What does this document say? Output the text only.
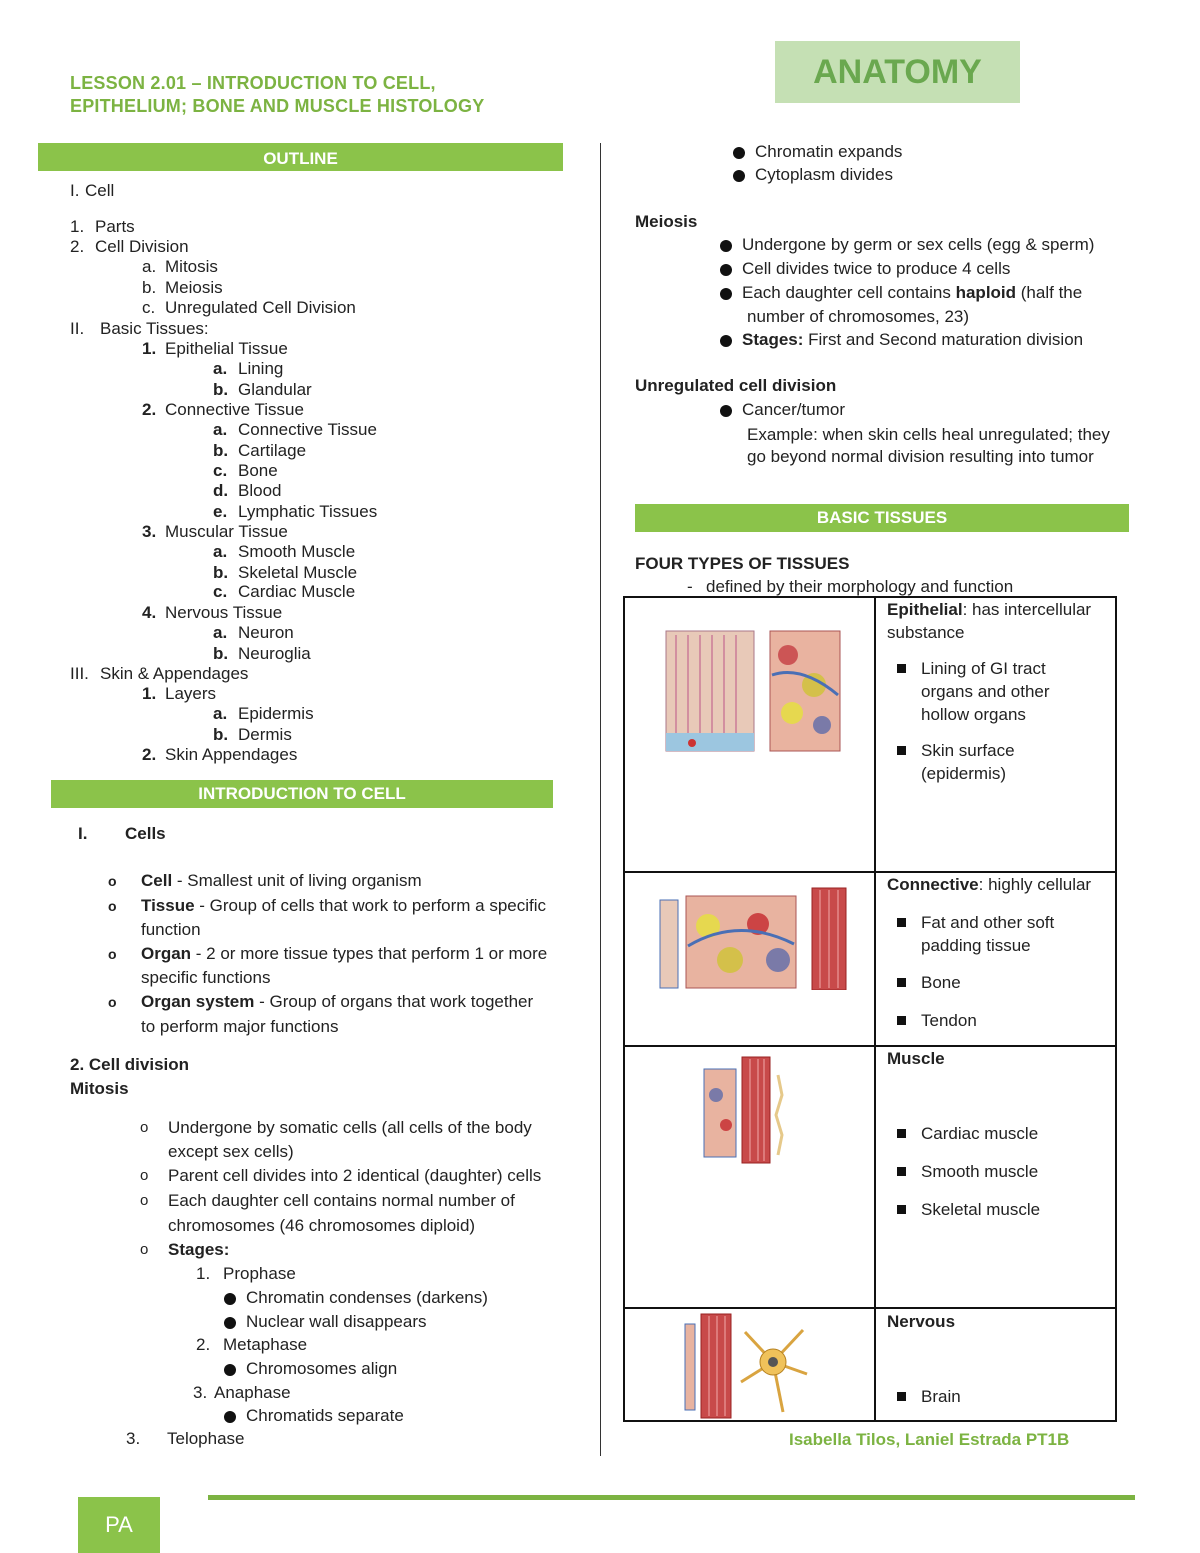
LESSON 2.01 – INTRODUCTION TO CELL,
EPITHELIUM; BONE AND MUSCLE HISTOLOGY
ANATOMY
OUTLINE
I. Cell
1. Parts
2. Cell Division
a. Mitosis
b. Meiosis
c. Unregulated Cell Division
II. Basic Tissues:
1. Epithelial Tissue
a. Lining
b. Glandular
2. Connective Tissue
a. Connective Tissue
b. Cartilage
c. Bone
d. Blood
e. Lymphatic Tissues
3. Muscular Tissue
a. Smooth Muscle
b. Skeletal Muscle
c. Cardiac Muscle
4. Nervous Tissue
a. Neuron
b. Neuroglia
III. Skin & Appendages
1. Layers
a. Epidermis
b. Dermis
2. Skin Appendages
INTRODUCTION TO CELL
I. Cells
o Cell - Smallest unit of living organism
o Tissue - Group of cells that work to perform a specific
function
o Organ - 2 or more tissue types that perform 1 or more
specific functions
o Organ system - Group of organs that work together
to perform major functions
2. Cell division
Mitosis
o Undergone by somatic cells (all cells of the body
except sex cells)
o Parent cell divides into 2 identical (daughter) cells
o Each daughter cell contains normal number of
chromosomes (46 chromosomes diploid)
o Stages:
1. Prophase
Chromatin condenses (darkens)
Nuclear wall disappears
2. Metaphase
Chromosomes align
3. Anaphase
Chromatids separate
3. Telophase
Chromatin expands
Cytoplasm divides
Meiosis
Undergone by germ or sex cells (egg & sperm)
Cell divides twice to produce 4 cells
Each daughter cell contains haploid (half the
number of chromosomes, 23)
Stages: First and Second maturation division
Unregulated cell division
Cancer/tumor
Example: when skin cells heal unregulated; they
go beyond normal division resulting into tumor
BASIC TISSUES
FOUR TYPES OF TISSUES
- defined by their morphology and function
Epithelial: has intercellular
substance
Lining of GI tract
organs and other
hollow organs
Skin surface
(epidermis)
Connective: highly cellular
Fat and other soft
padding tissue
Bone
Tendon
Muscle
Cardiac muscle
Smooth muscle
Skeletal muscle
Nervous
Brain
Isabella Tilos, Laniel Estrada PT1B
PA
